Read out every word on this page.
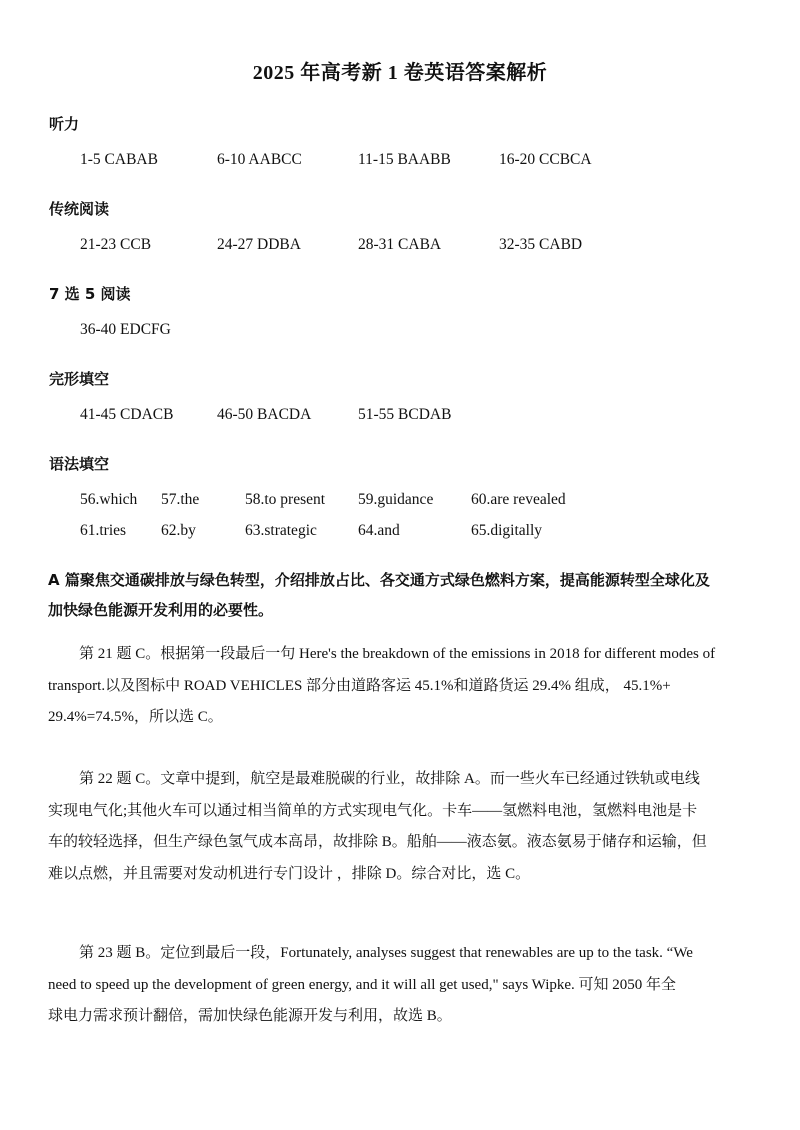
2025 年高考新 1 卷英语答案解析
听力
1-5 CABAB	6-10 AABCC	11-15 BAABB	16-20 CCBCA
传统阅读
21-23 CCB	24-27 DDBA	28-31 CABA	32-35 CABD
7 选 5 阅读
36-40 EDCFG
完形填空
41-45 CDACB	46-50 BACDA	51-55 BCDAB
语法填空
56.which 57.the	58.to present 59.guidance 60.are revealed
61.tries 62.by	63.strategic	64.and	65.digitally
A 篇聚焦交通碳排放与绿色转型，介绍排放占比、各交通方式绿色燃料方案，提高能源转型全球化及
加快绿色能源开发利用的必要性。
第 21 题 C。根据第一段最后一句 Here's the breakdown of the emissions in 2018 for different modes of
transport.以及图标中 ROAD VEHICLES 部分由道路客运 45.1%和道路货运 29.4% 组成， 45.1%+
29.4%=74.5%，所以选 C。
第 22 题 C。文章中提到，航空是最难脱碳的行业，故排除 A。而一些火车已经通过铁轨或电线
实现电气化;其他火车可以通过相当简单的方式实现电气化。卡车——氢燃料电池，氢燃料电池是卡
车的较轻选择，但生产绿色氢气成本高昂，故排除 B。船舶——液态氨。液态氨易于储存和运输，但
难以点燃，并且需要对发动机进行专门设计 ，排除 D。综合对比，选 C。
第 23 题 B。定位到最后一段，Fortunately, analyses suggest that renewables are up to the task. “We
need to speed up the development of green energy, and it will all get used," says Wipke. 可知 2050 年全
球电力需求预计翻倍，需加快绿色能源开发与利用，故选 B。
